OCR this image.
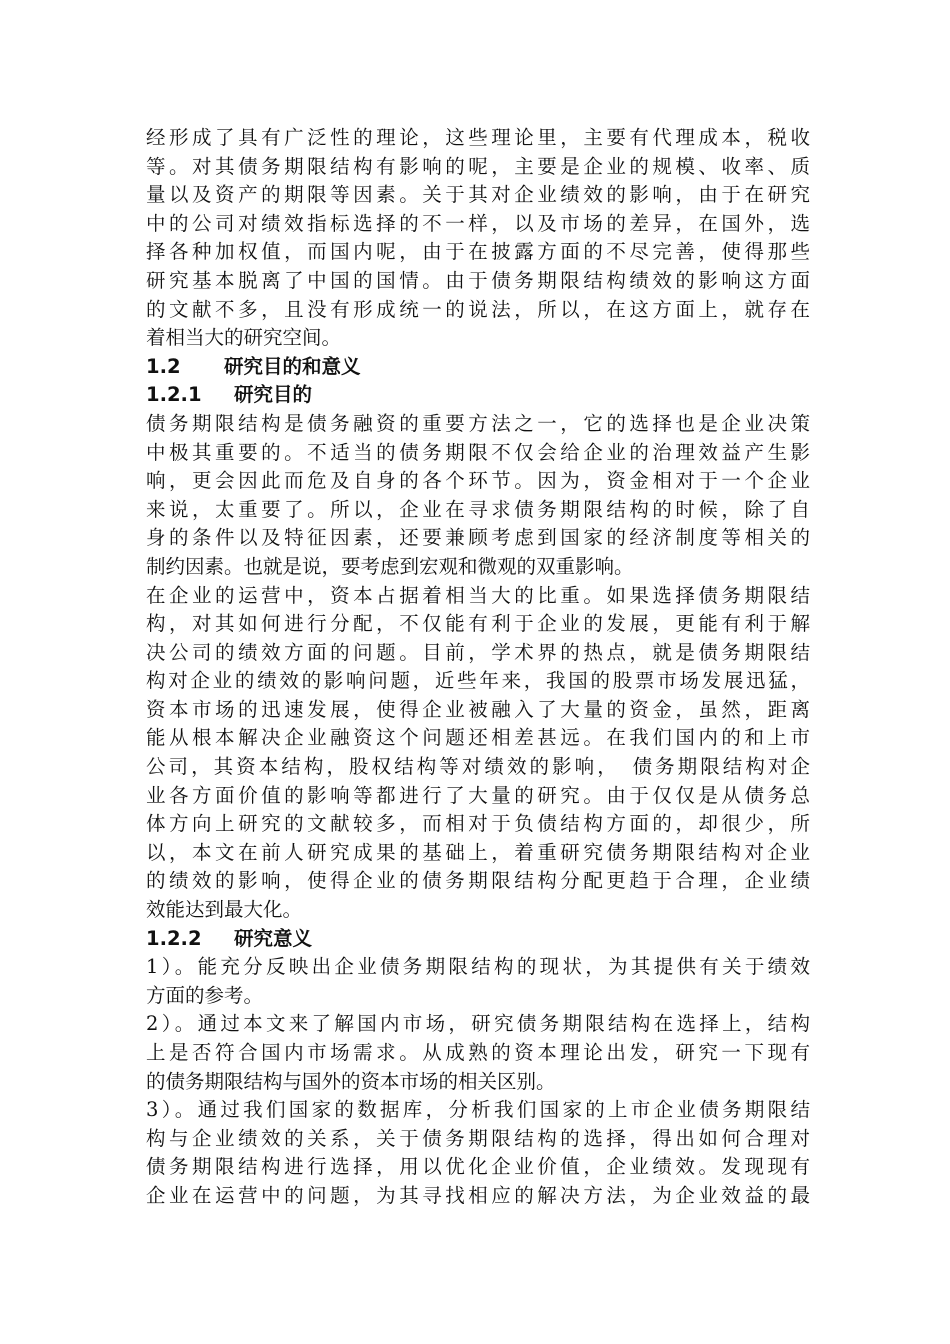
经形成了具有广泛性的理论，这些理论里，主要有代理成本，税收
等。对其债务期限结构有影响的呢，主要是企业的规模、收率、质
量以及资产的期限等因素。关于其对企业绩效的影响，由于在研究
中的公司对绩效指标选择的不一样，以及市场的差异，在国外，选
择各种加权值，而国内呢，由于在披露方面的不尽完善，使得那些
研究基本脱离了中国的国情。由于债务期限结构绩效的影响这方面
的文献不多，且没有形成统一的说法，所以，在这方面上，就存在
着相当大的研究空间。
1.2 研究目的和意义
1.2.1 研究目的
债务期限结构是债务融资的重要方法之一，它的选择也是企业决策
中极其重要的。不适当的债务期限不仅会给企业的治理效益产生影
响，更会因此而危及自身的各个环节。因为，资金相对于一个企业
来说，太重要了。所以，企业在寻求债务期限结构的时候，除了自
身的条件以及特征因素，还要兼顾考虑到国家的经济制度等相关的
制约因素。也就是说，要考虑到宏观和微观的双重影响。
在企业的运营中，资本占据着相当大的比重。如果选择债务期限结
构，对其如何进行分配，不仅能有利于企业的发展，更能有利于解
决公司的绩效方面的问题。目前，学术界的热点，就是债务期限结
构对企业的绩效的影响问题，近些年来，我国的股票市场发展迅猛，
资本市场的迅速发展，使得企业被融入了大量的资金，虽然，距离
能从根本解决企业融资这个问题还相差甚远。在我们国内的和上市
公司，其资本结构，股权结构等对绩效的影响，　债务期限结构对企
业各方面价值的影响等都进行了大量的研究。由于仅仅是从债务总
体方向上研究的文献较多，而相对于负债结构方面的，却很少，所
以，本文在前人研究成果的基础上，着重研究债务期限结构对企业
的绩效的影响，使得企业的债务期限结构分配更趋于合理，企业绩
效能达到最大化。
1.2.2 研究意义
1）。能充分反映出企业债务期限结构的现状，为其提供有关于绩效
方面的参考。
2）。通过本文来了解国内市场，研究债务期限结构在选择上，结构
上是否符合国内市场需求。从成熟的资本理论出发，研究一下现有
的债务期限结构与国外的资本市场的相关区别。
3）。通过我们国家的数据库，分析我们国家的上市企业债务期限结
构与企业绩效的关系，关于债务期限结构的选择，得出如何合理对
债务期限结构进行选择，用以优化企业价值，企业绩效。发现现有
企业在运营中的问题，为其寻找相应的解决方法，为企业效益的最
